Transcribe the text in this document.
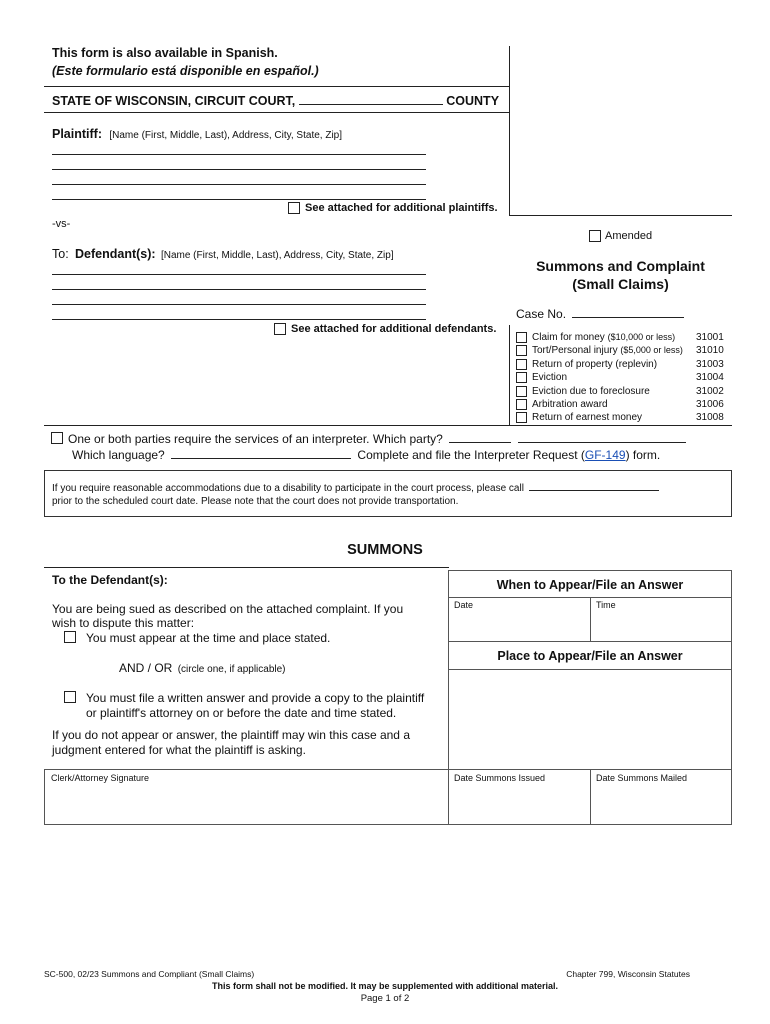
This form is also available in Spanish.
(Este formulario está disponible en español.)
STATE OF WISCONSIN, CIRCUIT COURT,	COUNTY
Plaintiff: [Name (First, Middle, Last), Address, City, State, Zip]
See attached for additional plaintiffs.
-vs-
To: Defendant(s): [Name (First, Middle, Last), Address, City, State, Zip]
See attached for additional defendants.
Amended
Summons and Complaint
(Small Claims)
Case No.
Claim for money ($10,000 or less) 31001
Tort/Personal injury ($5,000 or less) 31010
Return of property (replevin)	31003
Eviction	31004
Eviction due to foreclosure	31002
Arbitration award	31006
Return of earnest money	31008
One or both parties require the services of an interpreter. Which party?
Which language?	Complete and file the Interpreter Request (GF-149) form.
If you require reasonable accommodations due to a disability to participate in the court process, please call
prior to the scheduled court date. Please note that the court does not provide transportation.
SUMMONS
To the Defendant(s):
You are being sued as described on the attached complaint. If you
wish to dispute this matter:
You must appear at the time and place stated.
AND / OR (circle one, if applicable)
You must file a written answer and provide a copy to the plaintiff
or plaintiff's attorney on or before the date and time stated.
If you do not appear or answer, the plaintiff may win this case and a
judgment entered for what the plaintiff is asking.
When to Appear/File an Answer
Date	Time
Place to Appear/File an Answer
Clerk/Attorney Signature	Date Summons Issued	Date Summons Mailed
SC-500, 02/23 Summons and Compliant (Small Claims)	Chapter 799, Wisconsin Statutes
This form shall not be modified. It may be supplemented with additional material.
Page 1 of 2
